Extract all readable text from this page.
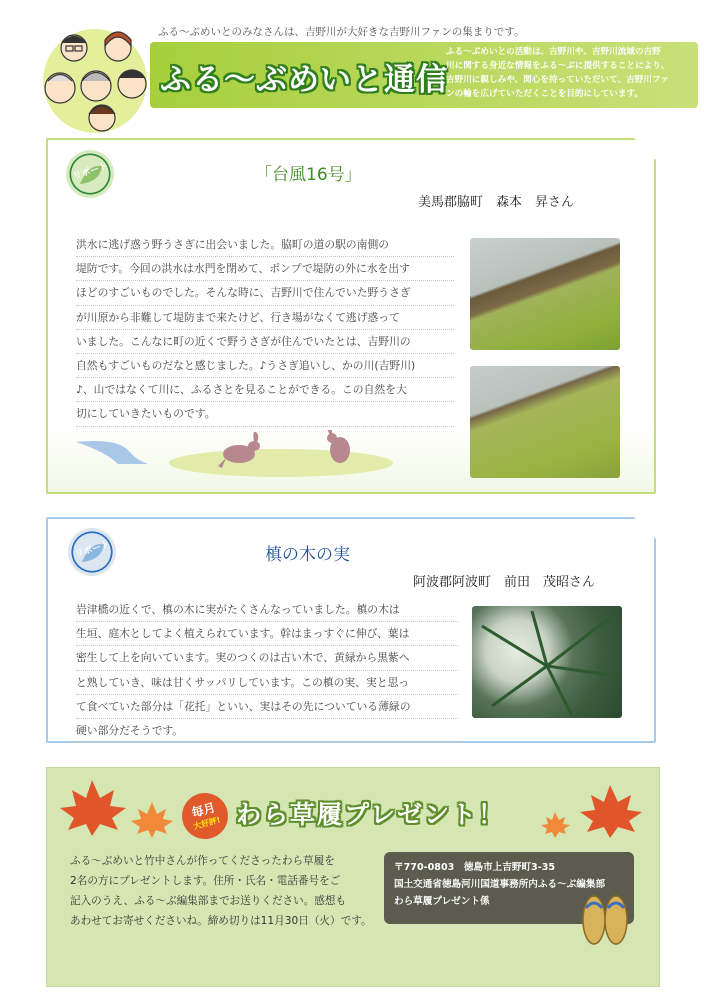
ふる〜ぶめいとのみなさんは、吉野川が大好きな吉野川ファンの集まりです。
ふる〜ぶめいと通信
ふる〜ぶめいとの活動は、吉野川や、吉野川流域の吉野
川に関する身近な情報をふる〜ぶに提供することにより、
吉野川に親しみや、関心を持っていただいて、吉野川ファ
ンの輪を広げていただくことを目的にしています。
リポート	「台風16号」
美馬郡脇町　森本　昇さん
洪水に逃げ惑う野うさぎに出会いました。脇町の道の駅の南側の
堤防です。今回の洪水は水門を閉めて、ポンプで堤防の外に水を出す
ほどのすごいものでした。そんな時に、吉野川で住んでいた野うさぎ
が川原から非難して堤防まで来たけど、行き場がなくて逃げ惑って
いました。こんなに町の近くで野うさぎが住んでいたとは、吉野川の
自然もすごいものだなと感じました。♪うさぎ追いし、かの川(吉野川)
♪、山ではなくて川に、ふるさとを見ることができる。この自然を大
切にしていきたいものです。
リポート	槙の木の実
阿波郡阿波町　前田　茂昭さん
岩津橋の近くで、槙の木に実がたくさんなっていました。槙の木は
生垣、庭木としてよく植えられています。幹はまっすぐに伸び、葉は
密生して上を向いています。実のつくのは古い木で、黄緑から黒紫へ
と熟していき、味は甘くサッパリしています。この槙の実、実と思っ
て食べていた部分は「花托」といい、実はその先についている薄緑の
硬い部分だそうです。
毎月
大好評! わら草履プレゼント！
ふる〜ぶめいと竹中さんが作ってくださったわら草履を
2名の方にプレゼントします。住所・氏名・電話番号をご
記入のうえ、ふる〜ぶ編集部までお送りください。感想も
あわせてお寄せくださいね。締め切りは11月30日（火）です。
〒770-0803　徳島市上吉野町3-35
国土交通省徳島河川国道事務所内ふる〜ぶ編集部
わら草履プレゼント係
